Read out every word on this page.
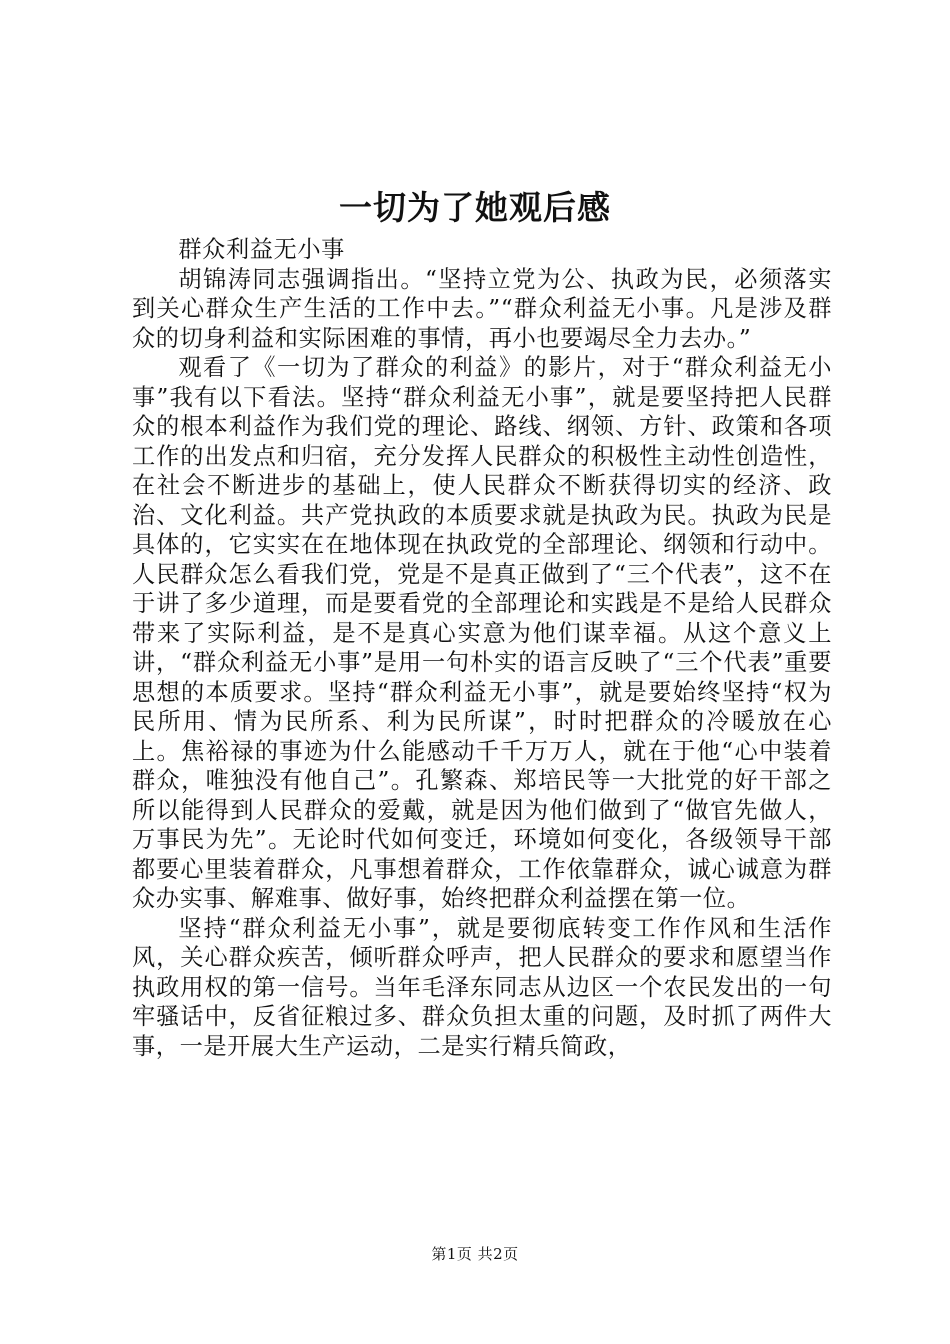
一切为了她观后感

群众利益无小事

胡锦涛同志强调指出。“坚持立党为公、执政为民，必须落实到关心群众生产生活的工作中去。”“群众利益无小事。凡是涉及群众的切身利益和实际困难的事情，再小也要竭尽全力去办。”

观看了《一切为了群众的利益》的影片，对于“群众利益无小事”我有以下看法。坚持“群众利益无小事”，就是要坚持把人民群众的根本利益作为我们党的理论、路线、纲领、方针、政策和各项工作的出发点和归宿，充分发挥人民群众的积极性主动性创造性，在社会不断进步的基础上，使人民群众不断获得切实的经济、政治、文化利益。共产党执政的本质要求就是执政为民。执政为民是具体的，它实实在在地体现在执政党的全部理论、纲领和行动中。人民群众怎么看我们党，党是不是真正做到了“三个代表”，这不在于讲了多少道理，而是要看党的全部理论和实践是不是给人民群众带来了实际利益，是不是真心实意为他们谋幸福。从这个意义上讲，“群众利益无小事”是用一句朴实的语言反映了“三个代表”重要思想的本质要求。坚持“群众利益无小事”，就是要始终坚持“权为民所用、情为民所系、利为民所谋”，时时把群众的冷暖放在心上。焦裕禄的事迹为什么能感动千千万万人，就在于他“心中装着群众，唯独没有他自己”。孔繁森、郑培民等一大批党的好干部之所以能得到人民群众的爱戴，就是因为他们做到了“做官先做人，万事民为先”。无论时代如何变迁，环境如何变化，各级领导干部都要心里装着群众，凡事想着群众，工作依靠群众，诚心诚意为群众办实事、解难事、做好事，始终把群众利益摆在第一位。

坚持“群众利益无小事”，就是要彻底转变工作作风和生活作风，关心群众疾苦，倾听群众呼声，把人民群众的要求和愿望当作执政用权的第一信号。当年毛泽东同志从边区一个农民发出的一句牢骚话中，反省征粮过多、群众负担太重的问题，及时抓了两件大事，一是开展大生产运动，二是实行精兵简政，

第1页 共2页
